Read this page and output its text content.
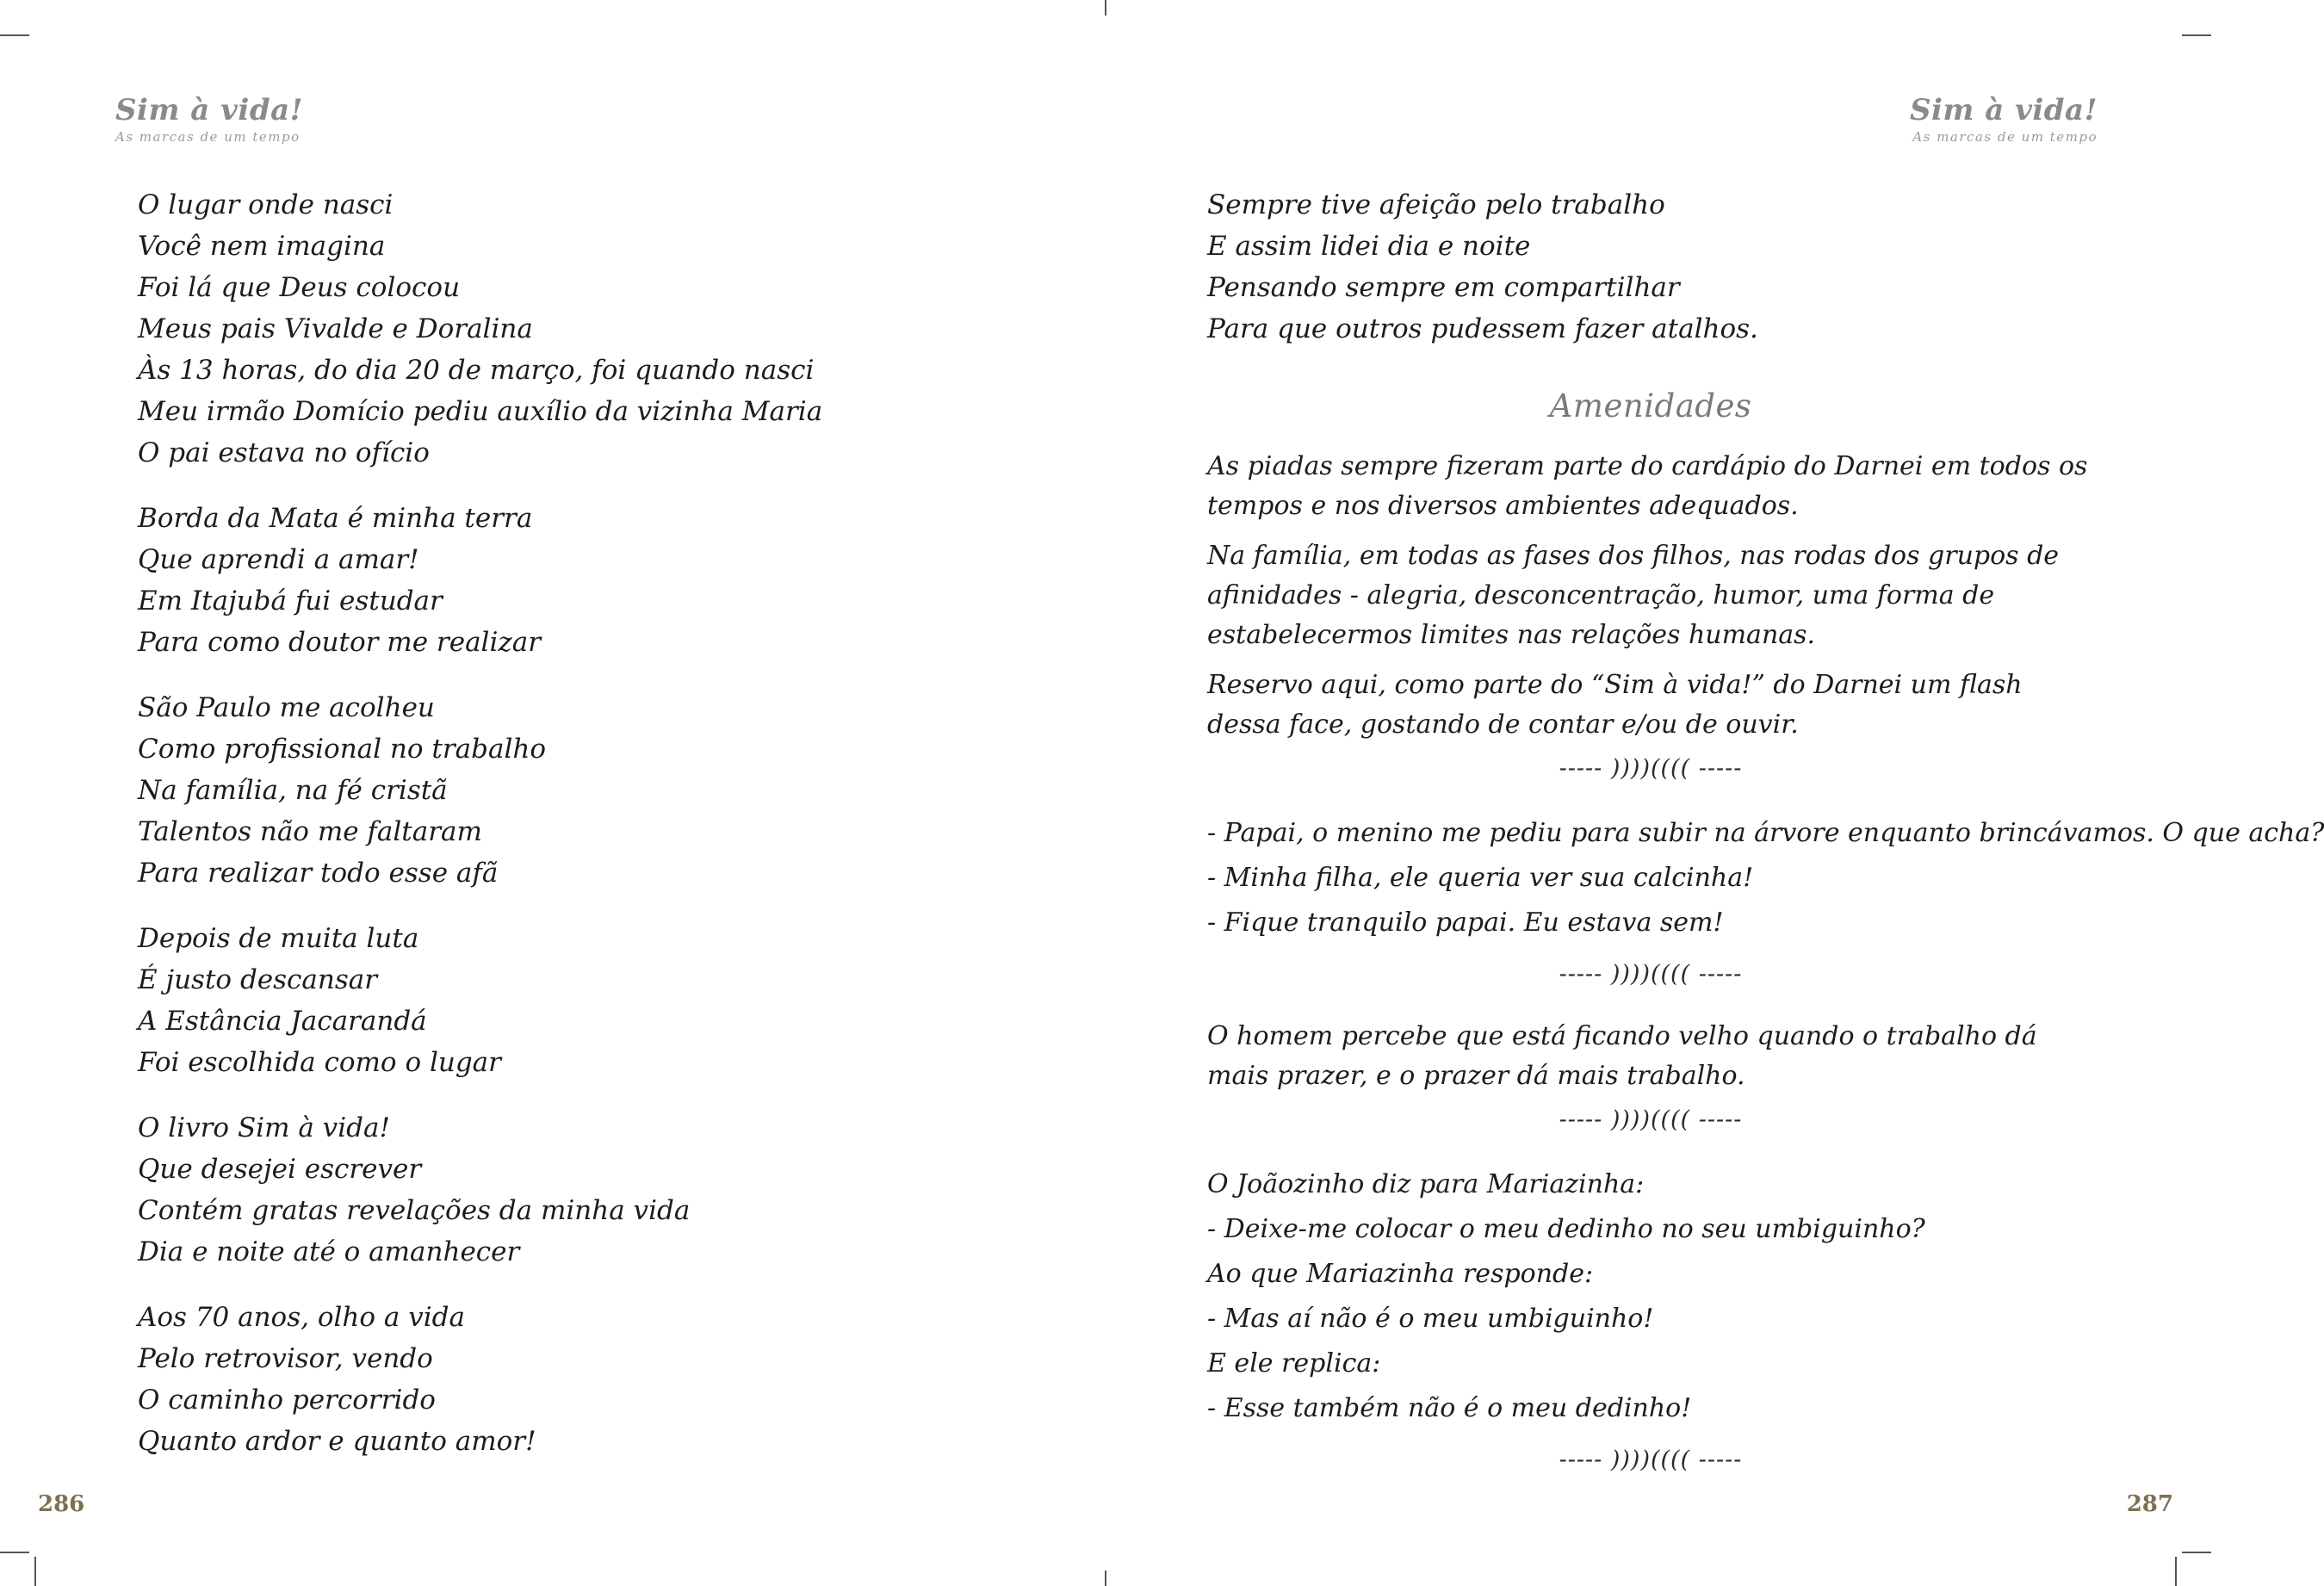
Sim à vida!
As marcas de um tempo
O lugar onde nasci
Você nem imagina
Foi lá que Deus colocou
Meus pais Vivalde e Doralina
Às 13 horas, do dia 20 de março, foi quando nasci
Meu irmão Domício pediu auxílio da vizinha Maria
O pai estava no ofício
Borda da Mata é minha terra
Que aprendi a amar!
Em Itajubá fui estudar
Para como doutor me realizar
São Paulo me acolheu
Como profissional no trabalho
Na família, na fé cristã
Talentos não me faltaram
Para realizar todo esse afã
Depois de muita luta
É justo descansar
A Estância Jacarandá
Foi escolhida como o lugar
O livro Sim à vida!
Que desejei escrever
Contém gratas revelações da minha vida
Dia e noite até o amanhecer
Aos 70 anos, olho a vida
Pelo retrovisor, vendo
O caminho percorrido
Quanto ardor e quanto amor!
286
Sim à vida!
As marcas de um tempo
Sempre tive afeição pelo trabalho
E assim lidei dia e noite
Pensando sempre em compartilhar
Para que outros pudessem fazer atalhos.
Amenidades

As piadas sempre fizeram parte do cardápio do Darnei em todos os tempos e nos diversos ambientes adequados.

Na família, em todas as fases dos filhos, nas rodas dos grupos de afinidades - alegria, desconcentração, humor, uma forma de estabelecermos limites nas relações humanas.

Reservo aqui, como parte do “Sim à vida!” do Darnei um flash dessa face, gostando de contar e/ou de ouvir.

----- ))))(((( -----
- Papai, o menino me pediu para subir na árvore enquanto brincávamos. O que acha?
- Minha filha, ele queria ver sua calcinha!
- Fique tranquilo papai. Eu estava sem!
----- ))))(((( -----

O homem percebe que está ficando velho quando o trabalho dá mais prazer, e o prazer dá mais trabalho.

----- ))))(((( -----
O Joãozinho diz para Mariazinha:
- Deixe-me colocar o meu dedinho no seu umbiguinho?
Ao que Mariazinha responde:
- Mas aí não é o meu umbiguinho!
E ele replica:
- Esse também não é o meu dedinho!
----- ))))(((( -----
287
